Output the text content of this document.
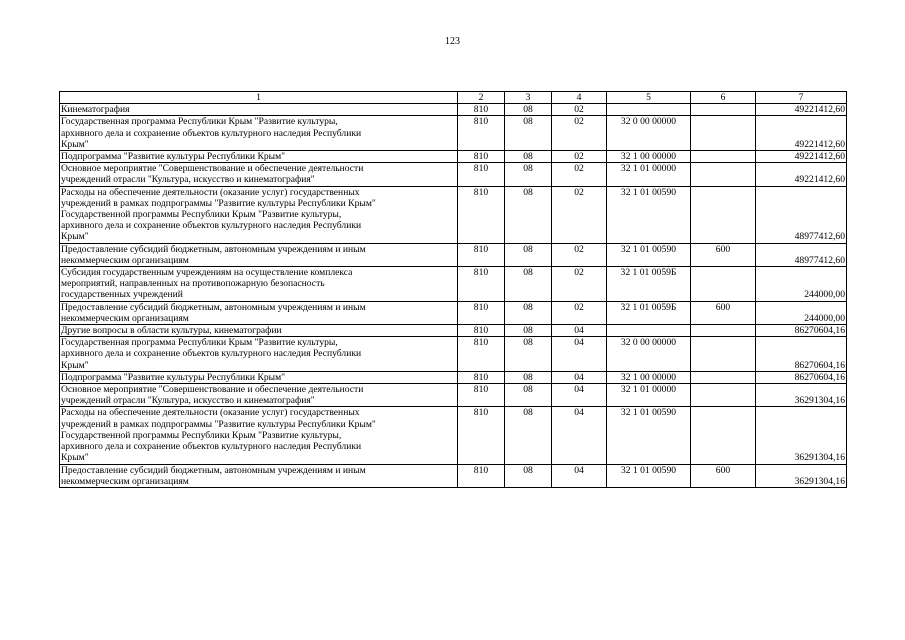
123
1	2	3	4	5	6	7
Кинематография	810	08	02			49221412,60
Государственная программа Республики Крым "Развитие культуры,
архивного дела и сохранение объектов культурного наследия Республики
Крым"	810	08	02	32 0 00 00000		49221412,60
Подпрограмма "Развитие культуры Республики Крым"	810	08	02	32 1 00 00000		49221412,60
Основное мероприятие "Совершенствование и обеспечение деятельности
учреждений отрасли "Культура, искусство и кинематография"	810	08	02	32 1 01 00000		49221412,60
Расходы на обеспечение деятельности (оказание услуг) государственных
учреждений в рамках подпрограммы "Развитие культуры Республики Крым"
Государственной программы Республики Крым "Развитие культуры,
архивного дела и сохранение объектов культурного наследия Республики
Крым"	810	08	02	32 1 01 00590		48977412,60
Предоставление субсидий бюджетным, автономным учреждениям и иным
некоммерческим организациям	810	08	02	32 1 01 00590	600	48977412,60
Субсидия государственным учреждениям на осуществление комплекса
мероприятий, направленных на противопожарную безопасность
государственных учреждений	810	08	02	32 1 01 0059Б		244000,00
Предоставление субсидий бюджетным, автономным учреждениям и иным
некоммерческим организациям	810	08	02	32 1 01 0059Б	600	244000,00
Другие вопросы в области культуры, кинематографии	810	08	04			86270604,16
Государственная программа Республики Крым "Развитие культуры,
архивного дела и сохранение объектов культурного наследия Республики
Крым"	810	08	04	32 0 00 00000		86270604,16
Подпрограмма "Развитие культуры Республики Крым"	810	08	04	32 1 00 00000		86270604,16
Основное мероприятие "Совершенствование и обеспечение деятельности
учреждений отрасли "Культура, искусство и кинематография"	810	08	04	32 1 01 00000		36291304,16
Расходы на обеспечение деятельности (оказание услуг) государственных
учреждений в рамках подпрограммы "Развитие культуры Республики Крым"
Государственной программы Республики Крым "Развитие культуры,
архивного дела и сохранение объектов культурного наследия Республики
Крым"	810	08	04	32 1 01 00590		36291304,16
Предоставление субсидий бюджетным, автономным учреждениям и иным
некоммерческим организациям	810	08	04	32 1 01 00590	600	36291304,16
